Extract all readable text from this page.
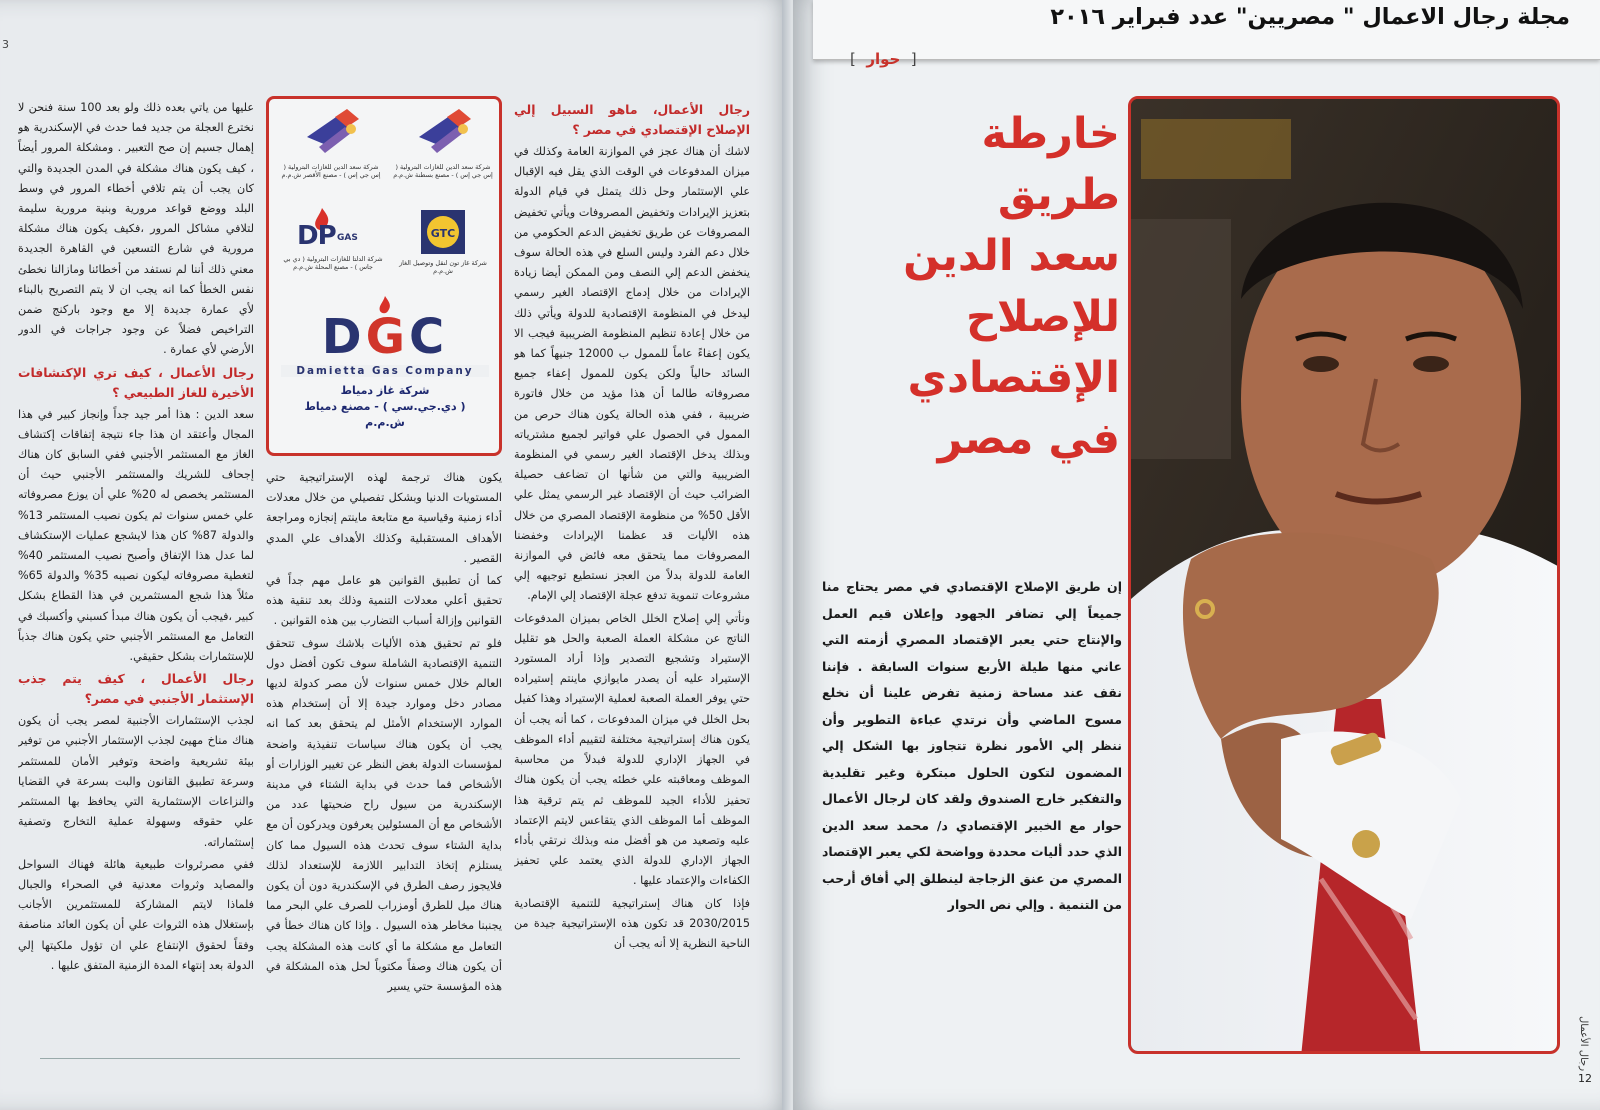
3
رجال الأعمال، ماهو السبيل إلي الإصلاح الإقتصادي في مصر ؟

لاشك أن هناك عجز في الموازنة العامة وكذلك في ميزان المدفوعات في الوقت الذي يقل فيه الإقبال علي الإستثمار وحل ذلك يتمثل في قيام الدولة بتعزيز الإيرادات وتخفيض المصروفات ويأتي تخفيض المصروفات عن طريق تخفيض الدعم الحكومي من خلال دعم الفرد وليس السلع في هذه الحالة سوف ينخفض الدعم إلي النصف ومن الممكن أيضا زيادة الإيرادات من خلال إدماج الإقتصاد الغير رسمي ليدخل في المنظومة الإقتصادية للدولة ويأتي ذلك من خلال إعادة تنظيم المنظومة الضريبية فيجب الا يكون إعفاءً عاماً للممول ب 12000 جنيهاً كما هو السائد حالياً ولكن يكون للممول إعفاء جميع مصروفاته طالما أن هذا مؤيد من خلال فاتورة ضريبية ، ففي هذه الحالة يكون هناك حرص من الممول في الحصول علي فواتير لجميع مشترياته وبذلك يدخل الإقتصاد الغير رسمي في المنظومة الضريبية والتي من شأنها ان تضاعف حصيلة الضرائب حيث أن الإقتصاد غير الرسمي يمثل علي الأقل 50% من منظومة الإقتصاد المصري من خلال هذه الأليات قد عظمنا الإيرادات وخفضنا المصروفات مما يتحقق معه فائض في الموازنة العامة للدولة بدلاً من العجز نستطيع توجيهه إلي مشروعات تنموية تدفع عجلة الإقتصاد إلي الإمام.

ونأتي إلي إصلاح الخلل الخاص بميزان المدفوعات الناتج عن مشكلة العملة الصعبة والحل هو تقليل الإستيراد وتشجيع التصدير وإذا أراد المستورد الإستيراد عليه أن يصدر مايوازي ماينتم إستيراده حتي يوفر العملة الصعبة لعملية الإستيراد وهذا كفيل بحل الخلل في ميزان المدفوعات ، كما أنه يجب أن يكون هناك إستراتيجية مختلفة لتقييم أداء الموظف في الجهاز الإداري للدولة فبدلاً من محاسبة الموظف ومعاقبته علي خطئه يجب أن يكون هناك تحفيز للأداء الجيد للموظف ثم يتم ترقية هذا الموظف أما الموظف الذي يتقاعس لايتم الإعتماد عليه وتصعيد من هو أفضل منه وبذلك نرتقي بأداء الجهاز الإداري للدولة الذي يعتمد علي تحفيز الكفاءات والإعتماد عليها .

فإذا كان هناك إستراتيجية للتنمية الإقتصادية 2030/2015 قد تكون هذه الإستراتيجية جيدة من الناحية النظرية إلا أنه يجب أن

يكون هناك ترجمة لهذه الإستراتيجية حتي المستويات الدنيا وبشكل تفصيلي من خلال معدلات أداء زمنية وقياسية مع متابعة ماينتم إنجازه ومراجعة الأهداف المستقبلية وكذلك الأهداف علي المدي القصير .

كما أن تطبيق القوانين هو عامل مهم جداً في تحقيق أعلي معدلات التنمية وذلك بعد تنقية هذه القوانين وإزالة أسباب التضارب بين هذه القوانين .

فلو تم تحقيق هذه الأليات بلاشك سوف تتحقق التنمية الإقتصادية الشاملة سوف تكون أفضل دول العالم خلال خمس سنوات لأن مصر كدولة لديها مصادر دخل وموارد جيدة إلا أن إستخدام هذه الموارد الإستخدام الأمثل لم يتحقق بعد كما انه يجب أن يكون هناك سياسات تنفيذية واضحة لمؤسسات الدولة بغض النظر عن تغيير الوزارات أو الأشخاص فما حدث في بداية الشتاء في مدينة الإسكندرية من سيول راح ضحيتها عدد من الأشخاص مع أن المسئولين يعرفون ويدركون أن مع بداية الشتاء سوف تحدث هذه السيول مما كان يستلزم إتخاذ التدابير اللازمة للإستعداد لذلك فلايجوز رصف الطرق في الإسكندرية دون أن يكون هناك ميل للطرق أومزراب للصرف علي البحر مما يجنبنا مخاطر هذه السيول . وإذا كان هناك خطأ في التعامل مع مشكلة ما أي كانت هذه المشكلة يجب أن يكون هناك وصفاً مكتوباً لحل هذه المشكلة في هذه المؤسسة حتي يسير

عليها من ياتي بعده ذلك ولو بعد 100 سنة فنحن لا نخترع العجلة من جديد فما حدث في الإسكندرية هو إهمال جسيم إن صح التعبير . ومشكلة المرور أيضاً ، كيف يكون هناك مشكلة في المدن الجديدة والتي كان يجب أن يتم تلافي أخطاء المرور في وسط البلد ووضع قواعد مرورية وبنية مرورية سليمة لتلافي مشاكل المرور ،فكيف يكون هناك مشكلة مرورية في شارع التسعين في القاهرة الجديدة معني ذلك أننا لم نستفد من أخطائنا ومازالنا نخطئ نفس الخطأ كما انه يجب ان لا يتم التصريح بالبناء لأي عمارة جديدة إلا مع وجود باركنج ضمن التراخيص فضلاً عن وجود جراجات في الدور الأرضي لأي عمارة .

رجال الأعمال ، كيف تري الإكتشافات الأخيرة للغاز الطبيعي ؟

سعد الدين : هذا أمر جيد جداً وإنجاز كبير في هذا المجال وأعتقد ان هذا جاء نتيجة إتفاقات إكتشاف الغاز مع المستثمر الأجنبي ففي السابق كان هناك إجحاف للشريك والمستثمر الأجنبي حيث أن المستثمر يخصص له 20% علي أن يوزع مصروفاته علي خمس سنوات ثم يكون نصيب المستثمر 13% والدولة 87% كان هذا لايشجع عمليات الإستكشاف لما عدل هذا الإتفاق وأصبح نصيب المستثمر 40% لتغطية مصروفاته ليكون نصيبه 35% والدولة 65% مثلاً هذا شجع المستثمرين في هذا القطاع بشكل كبير ،فيجب أن يكون هناك مبدأ كسبني وأكسبك في التعامل مع المستثمر الأجنبي حتي يكون هناك جذباً للإستثمارات بشكل حقيقي.

رجال الأعمال ، كيف يتم جذب الإستثمار الأجنبي في مصر؟

لجذب الإستثمارات الأجنبية لمصر يجب أن يكون هناك مناخ مهيئ لجذب الإستثمار الأجنبي من توفير بيئة تشريعية واضحة وتوفير الأمان للمستثمر وسرعة تطبيق القانون والبت بسرعة في القضايا والنزاعات الإستثمارية التي يحافظ بها المستثمر علي حقوقه وسهولة عملية التخارج وتصفية إستثماراته.

ففي مصرثروات طبيعية هائلة فهناك السواحل والمصايد وثروات معدنية في الصحراء والجبال فلماذا لايتم المشاركة للمستثمرين الأجانب بإستغلال هذه الثروات علي أن يكون العائد مناصفة وفقاً لحقوق الإنتفاع علي ان تؤول ملكيتها إلي الدولة بعد إنتهاء المدة الزمنية المتفق عليها .

شركة سعد الدين للغازات البترولية ( إس جي إس ) - مصنع بسطنة ش.م.م
شركة سعد الدين للغازات البترولية ( إس جي إس ) - مصنع الأقصر ش.م.م
GTC
شركة غاز تون لنقل وتوصيل الغاز ش.م.م
DP GAS
شركة الدلتا للغازات البترولية ( دي بي جاس ) - مصنع المحلة ش.م.م
DGC
Damietta Gas Company
شركة غاز دمياط
( دي.جي.سي ) - مصنع دمياط
ش.م.م
مجلة رجال الاعمال " مصريين" عدد فبراير ٢٠١٦
[  حوار  ]
خارطة
طريق
سعد الدين
للإصلاح
الإقتصادي
في مصر
إن طريق الإصلاح الإقتصادي في مصر يحتاج منا جميعاً إلي تضافر الجهود وإعلان قيم العمل والإنتاج حتي يعبر الإقتصاد المصري أزمته التي عاني منها طيلة الأربع سنوات السابقة . فإننا نقف عند مساحة زمنية تفرض علينا أن نخلع مسوح الماضي وأن نرتدي عباءة التطوير وأن ننظر إلي الأمور نظرة تتجاوز بها الشكل إلي المضمون لتكون الحلول مبتكرة وغير تقليدية والتفكير خارج الصندوق ولقد كان لرجال الأعمال حوار مع الخبير الإقتصادي د/ محمد سعد الدين الذي حدد أليات محددة وواضحة لكي يعبر الإقتصاد المصري من عنق الزجاجة لينطلق إلي أفاق أرحب من التنمية . وإلي نص الحوار
رجال الأعمال
12
